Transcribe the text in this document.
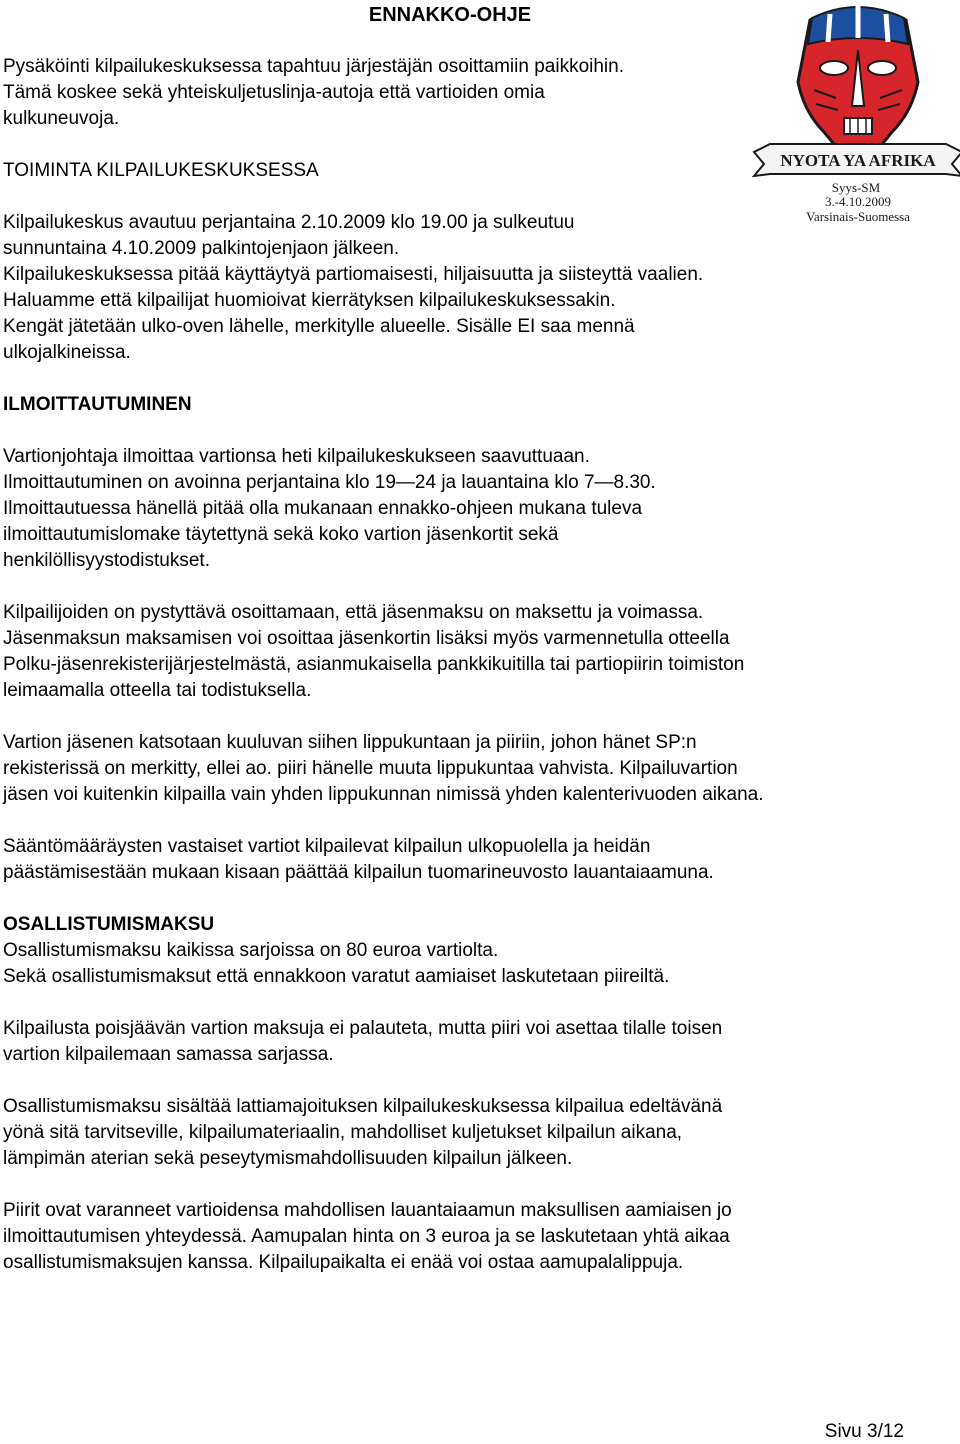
ENNAKKO-OHJE
NYOTA YA AFRIKA
Syys-SM
3.-4.10.2009
Varsinais-Suomessa

Pysäköinti kilpailukeskuksessa tapahtuu järjestäjän osoittamiin paikkoihin.
Tämä koskee sekä yhteiskuljetuslinja-autoja että vartioiden omia
kulkuneuvoja.

TOIMINTA KILPAILUKESKUKSESSA

Kilpailukeskus avautuu perjantaina 2.10.2009 klo 19.00 ja sulkeutuu
sunnuntaina 4.10.2009 palkintojenjaon jälkeen.
Kilpailukeskuksessa pitää käyttäytyä partiomaisesti, hiljaisuutta ja siisteyttä vaalien.
Haluamme että kilpailijat huomioivat kierrätyksen kilpailukeskuksessakin.
Kengät jätetään ulko-oven lähelle, merkitylle alueelle. Sisälle EI saa mennä
ulkojalkineissa.

ILMOITTAUTUMINEN

Vartionjohtaja ilmoittaa vartionsa heti kilpailukeskukseen saavuttuaan.
Ilmoittautuminen on avoinna perjantaina klo 19—24 ja lauantaina klo 7—8.30.
Ilmoittautuessa hänellä pitää olla mukanaan ennakko-ohjeen mukana tuleva
ilmoittautumislomake täytettynä sekä koko vartion jäsenkortit sekä
henkilöllisyystodistukset.

Kilpailijoiden on pystyttävä osoittamaan, että jäsenmaksu on maksettu ja voimassa.
Jäsenmaksun maksamisen voi osoittaa jäsenkortin lisäksi myös varmennetulla otteella
Polku-jäsenrekisterijärjestelmästä, asianmukaisella pankkikuitilla tai partiopiirin toimiston
leimaamalla otteella tai todistuksella.

Vartion jäsenen katsotaan kuuluvan siihen lippukuntaan ja piiriin, johon hänet SP:n
rekisterissä on merkitty, ellei ao. piiri hänelle muuta lippukuntaa vahvista. Kilpailuvartion
jäsen voi kuitenkin kilpailla vain yhden lippukunnan nimissä yhden kalenterivuoden aikana.

Sääntömääräysten vastaiset vartiot kilpailevat kilpailun ulkopuolella ja heidän
päästämisestään mukaan kisaan päättää kilpailun tuomarineuvosto lauantaiaamuna.

OSALLISTUMISMAKSU

Osallistumismaksu kaikissa sarjoissa on 80 euroa vartiolta.
Sekä osallistumismaksut että ennakkoon varatut aamiaiset laskutetaan piireiltä.

Kilpailusta poisjäävän vartion maksuja ei palauteta, mutta piiri voi asettaa tilalle toisen
vartion kilpailemaan samassa sarjassa.

Osallistumismaksu sisältää lattiamajoituksen kilpailukeskuksessa kilpailua edeltävänä
yönä sitä tarvitseville, kilpailumateriaalin, mahdolliset kuljetukset kilpailun aikana,
lämpimän aterian sekä peseytymismahdollisuuden kilpailun jälkeen.

Piirit ovat varanneet vartioidensa mahdollisen lauantaiaamun maksullisen aamiaisen jo
ilmoittautumisen yhteydessä. Aamupalan hinta on 3 euroa ja se laskutetaan yhtä aikaa
osallistumismaksujen kanssa. Kilpailupaikalta ei enää voi ostaa aamupalalippuja.

Sivu 3/12
